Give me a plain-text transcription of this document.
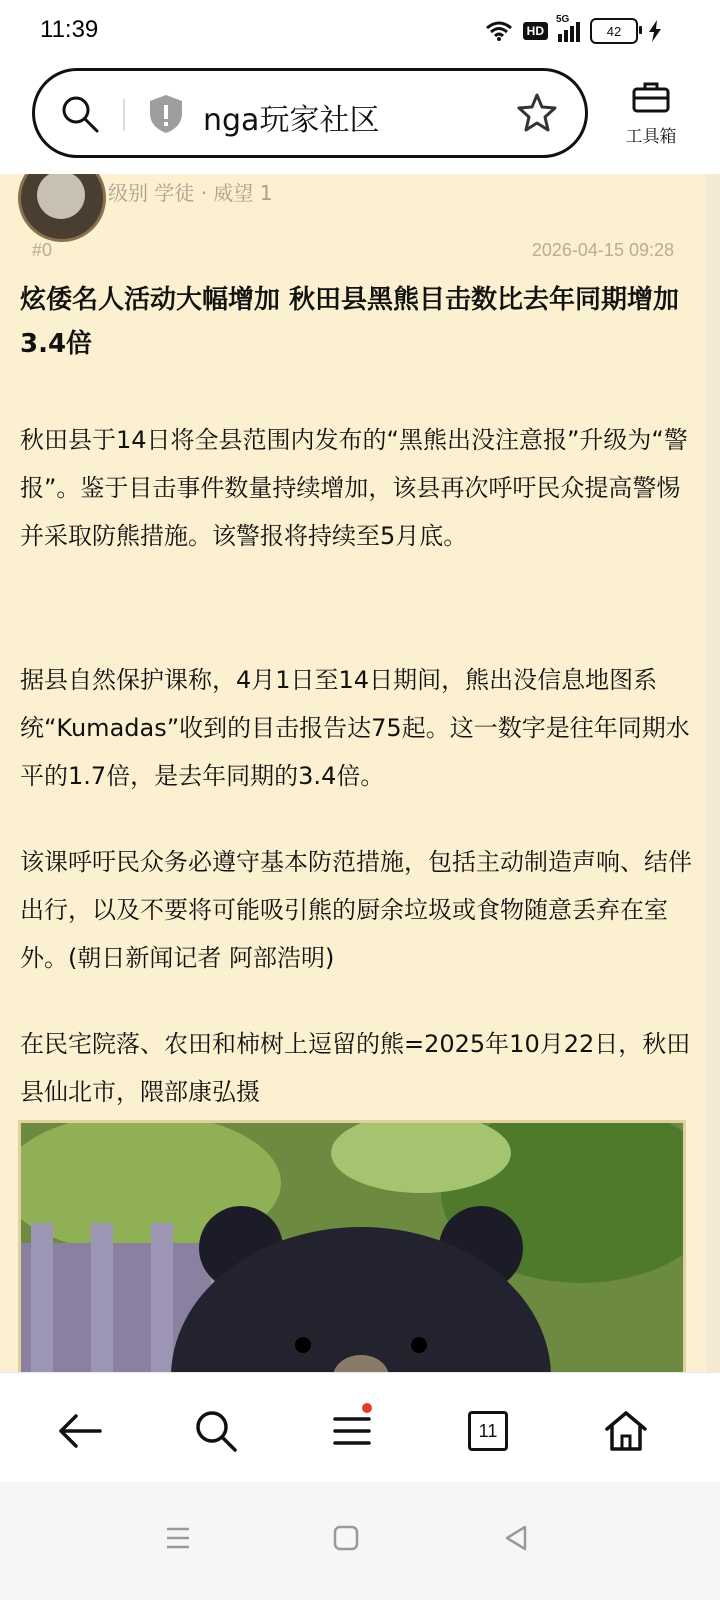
11:39	HD
5G
42
nga玩家社区	工具箱
级别 学徒 · 威望 1
#0	2026-04-15 09:28
炫倭名人活动大幅增加 秋田县黑熊目击数比去年同期增加3.4倍

秋田县于14日将全县范围内发布的“黑熊出没注意报”升级为“警报”。鉴于目击事件数量持续增加，该县再次呼吁民众提高警惕并采取防熊措施。该警报将持续至5月底。

据县自然保护课称，4月1日至14日期间，熊出没信息地图系统“Kumadas”收到的目击报告达75起。这一数字是往年同期水平的1.7倍，是去年同期的3.4倍。

该课呼吁民众务必遵守基本防范措施，包括主动制造声响、结伴出行，以及不要将可能吸引熊的厨余垃圾或食物随意丢弃在室外。(朝日新闻记者 阿部浩明)

在民宅院落、农田和柿树上逗留的熊=2025年10月22日，秋田县仙北市，隈部康弘摄

11
